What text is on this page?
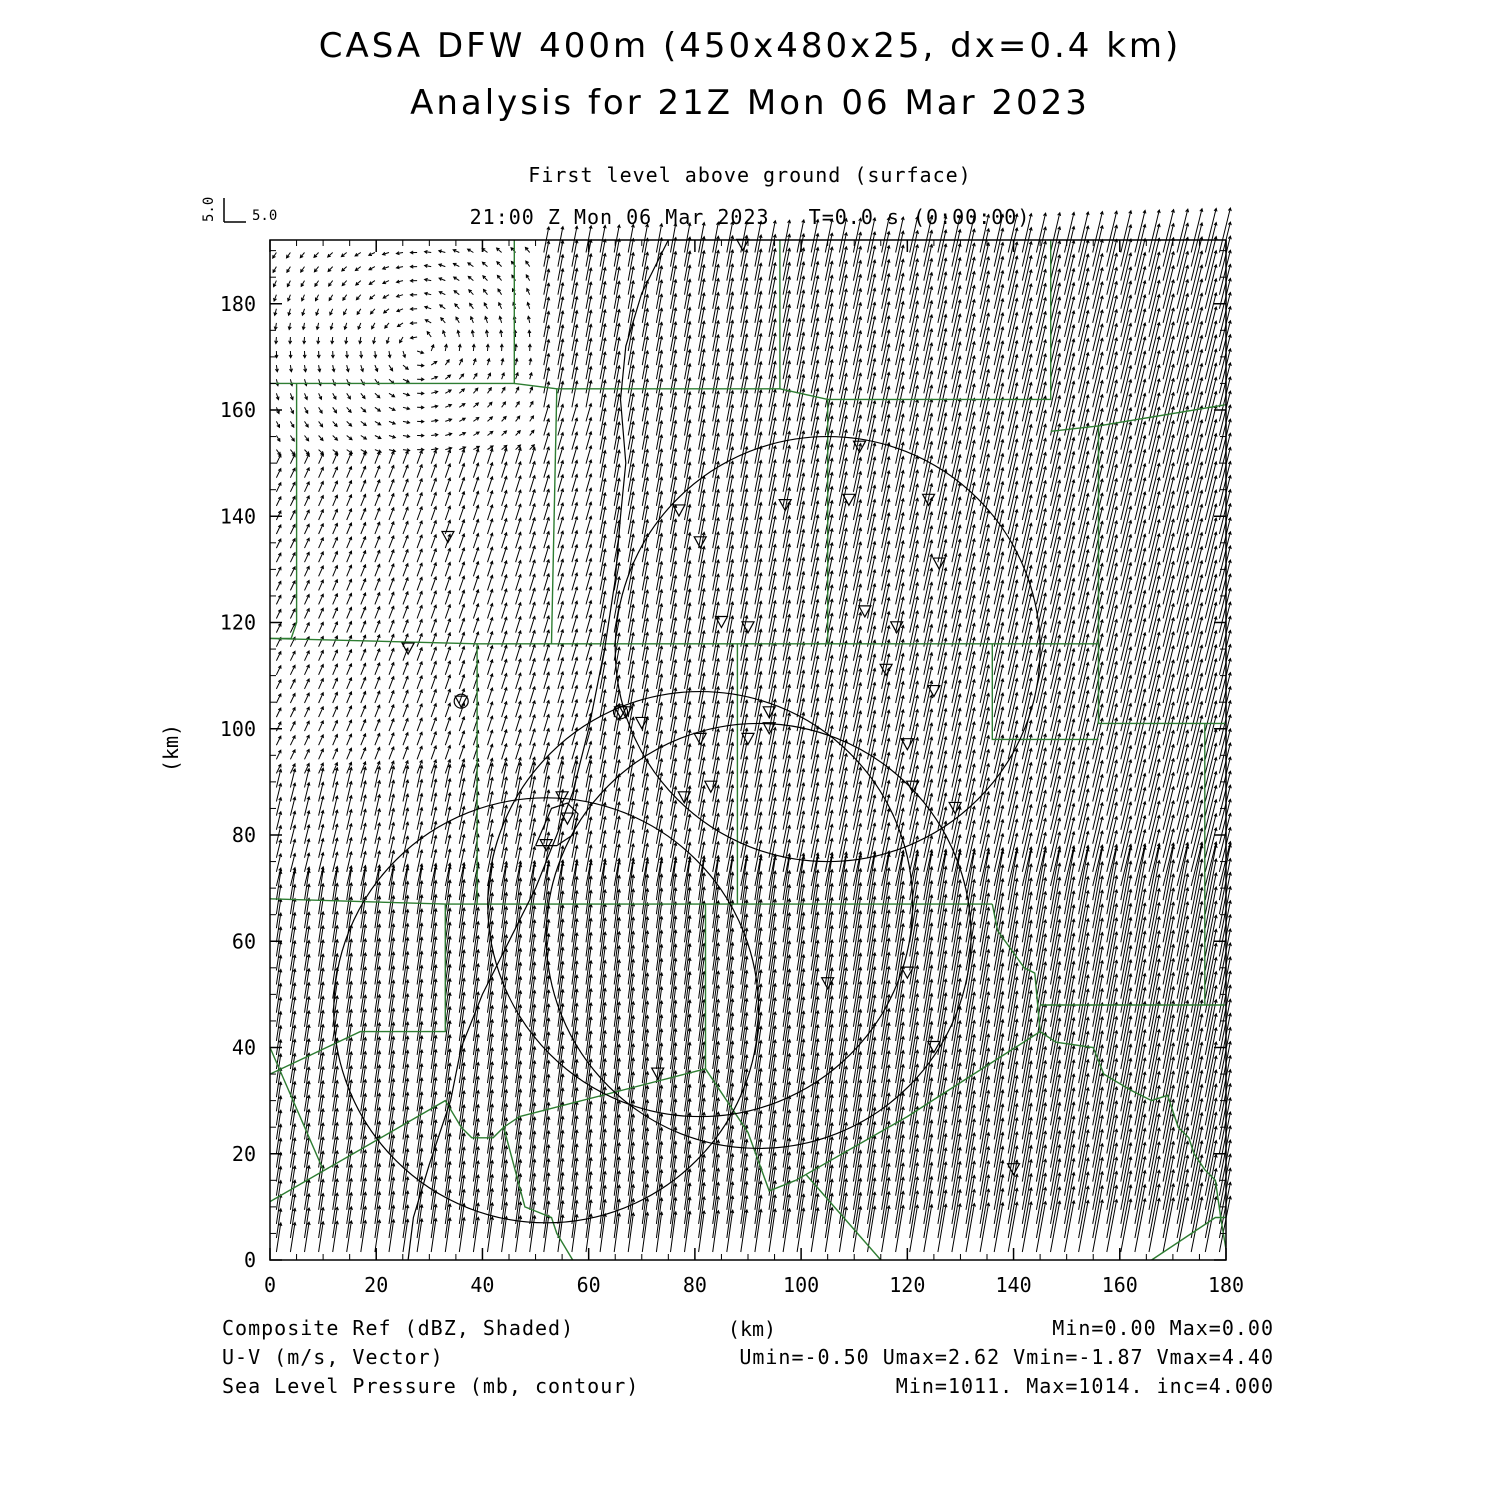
CASA DFW 400m (450x480x25, dx=0.4 km)
Analysis for 21Z Mon 06 Mar 2023
First level above ground (surface)
21:00 Z Mon 06 Mar 2023   T=0.0 s (0:00:00)
5.0	5.0
0	20	40	60	80	100	120	140	160	180
0
20
40
60
80
100
120
140
160
180
(km)
(km)
Composite Ref (dBZ, Shaded)	Min=0.00 Max=0.00
U-V (m/s, Vector)	Umin=-0.50 Umax=2.62 Vmin=-1.87 Vmax=4.40
Sea Level Pressure (mb, contour)	Min=1011. Max=1014. inc=4.000
